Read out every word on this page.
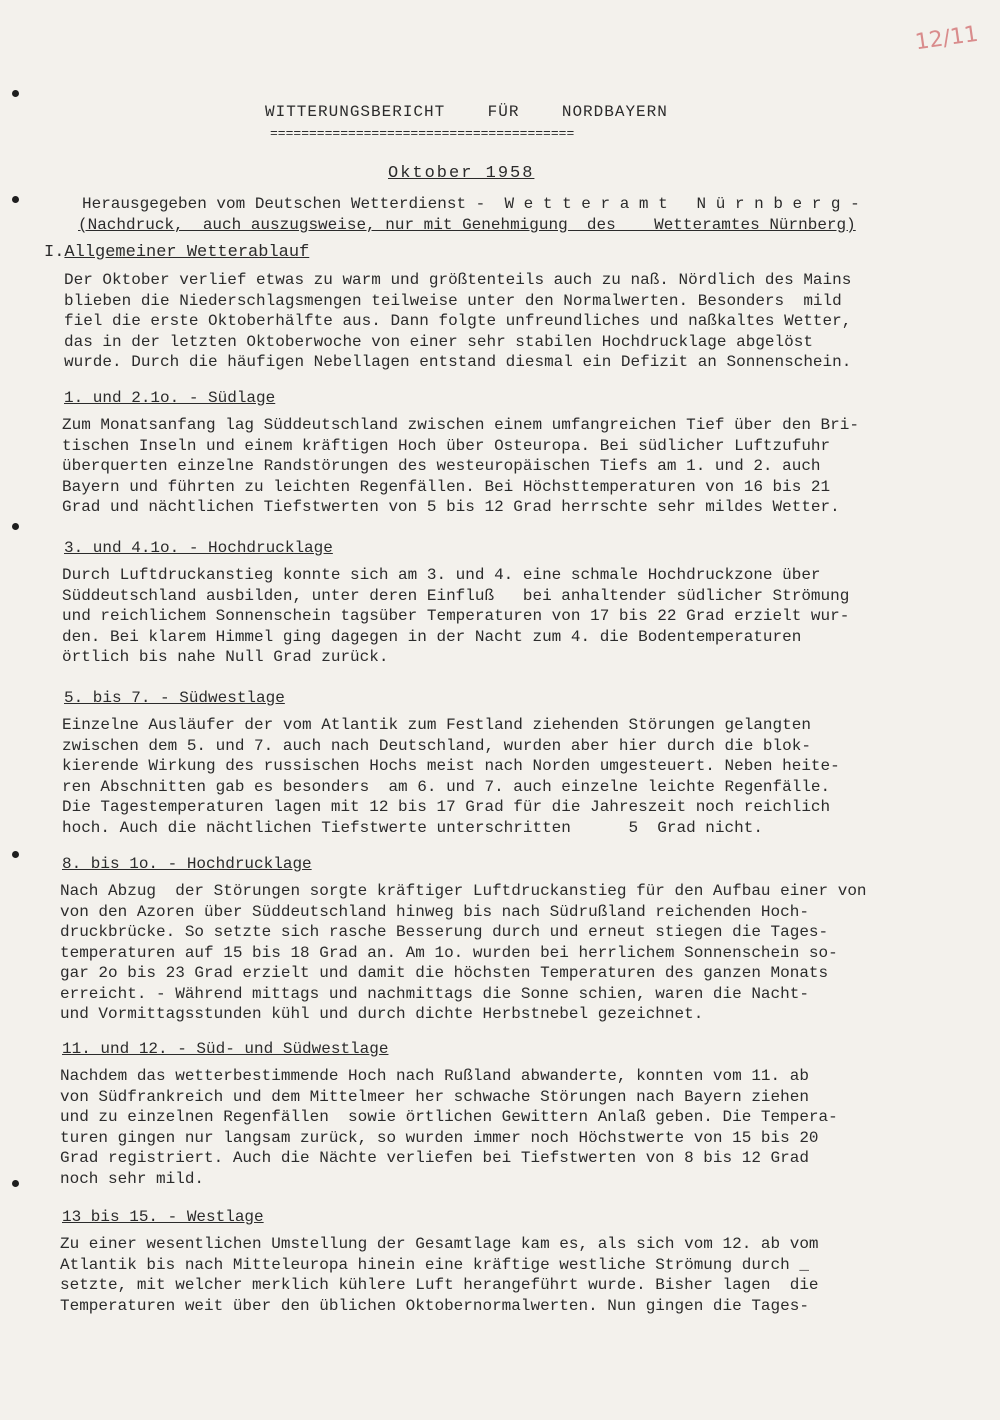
12/11
WITTERUNGSBERICHT    FÜR    NORDBAYERN
=======================================
Oktober 1958
Herausgegeben vom Deutschen Wetterdienst -  W e t t e r a m t   N ü r n b e r g -
(Nachdruck,  auch auszugsweise, nur mit Genehmigung  des    Wetteramtes Nürnberg)
I.Allgemeiner Wetterablauf
Der Oktober verlief etwas zu warm und größtenteils auch zu naß. Nördlich des Mains
blieben die Niederschlagsmengen teilweise unter den Normalwerten. Besonders  mild
fiel die erste Oktoberhälfte aus. Dann folgte unfreundliches und naßkaltes Wetter,
das in der letzten Oktoberwoche von einer sehr stabilen Hochdrucklage abgelöst
wurde. Durch die häufigen Nebellagen entstand diesmal ein Defizit an Sonnenschein.
1. und 2.1o. - Südlage
Zum Monatsanfang lag Süddeutschland zwischen einem umfangreichen Tief über den Bri-
tischen Inseln und einem kräftigen Hoch über Osteuropa. Bei südlicher Luftzufuhr
überquerten einzelne Randstörungen des westeuropäischen Tiefs am 1. und 2. auch
Bayern und führten zu leichten Regenfällen. Bei Höchsttemperaturen von 16 bis 21
Grad und nächtlichen Tiefstwerten von 5 bis 12 Grad herrschte sehr mildes Wetter.
3. und 4.1o. - Hochdrucklage
Durch Luftdruckanstieg konnte sich am 3. und 4. eine schmale Hochdruckzone über
Süddeutschland ausbilden, unter deren Einfluß   bei anhaltender südlicher Strömung
und reichlichem Sonnenschein tagsüber Temperaturen von 17 bis 22 Grad erzielt wur-
den. Bei klarem Himmel ging dagegen in der Nacht zum 4. die Bodentemperaturen
örtlich bis nahe Null Grad zurück.
5. bis 7. - Südwestlage
Einzelne Ausläufer der vom Atlantik zum Festland ziehenden Störungen gelangten
zwischen dem 5. und 7. auch nach Deutschland, wurden aber hier durch die blok-
kierende Wirkung des russischen Hochs meist nach Norden umgesteuert. Neben heite-
ren Abschnitten gab es besonders  am 6. und 7. auch einzelne leichte Regenfälle.
Die Tagestemperaturen lagen mit 12 bis 17 Grad für die Jahreszeit noch reichlich
hoch. Auch die nächtlichen Tiefstwerte unterschritten      5  Grad nicht.
8. bis 1o. - Hochdrucklage
Nach Abzug  der Störungen sorgte kräftiger Luftdruckanstieg für den Aufbau einer von
von den Azoren über Süddeutschland hinweg bis nach Südrußland reichenden Hoch-
druckbrücke. So setzte sich rasche Besserung durch und erneut stiegen die Tages-
temperaturen auf 15 bis 18 Grad an. Am 1o. wurden bei herrlichem Sonnenschein so-
gar 2o bis 23 Grad erzielt und damit die höchsten Temperaturen des ganzen Monats
erreicht. - Während mittags und nachmittags die Sonne schien, waren die Nacht-
und Vormittagsstunden kühl und durch dichte Herbstnebel gezeichnet.
11. und 12. - Süd- und Südwestlage
Nachdem das wetterbestimmende Hoch nach Rußland abwanderte, konnten vom 11. ab
von Südfrankreich und dem Mittelmeer her schwache Störungen nach Bayern ziehen
und zu einzelnen Regenfällen  sowie örtlichen Gewittern Anlaß geben. Die Tempera-
turen gingen nur langsam zurück, so wurden immer noch Höchstwerte von 15 bis 20
Grad registriert. Auch die Nächte verliefen bei Tiefstwerten von 8 bis 12 Grad
noch sehr mild.
13 bis 15. - Westlage
Zu einer wesentlichen Umstellung der Gesamtlage kam es, als sich vom 12. ab vom
Atlantik bis nach Mitteleuropa hinein eine kräftige westliche Strömung durch _
setzte, mit welcher merklich kühlere Luft herangeführt wurde. Bisher lagen  die
Temperaturen weit über den üblichen Oktobernormalwerten. Nun gingen die Tages-
